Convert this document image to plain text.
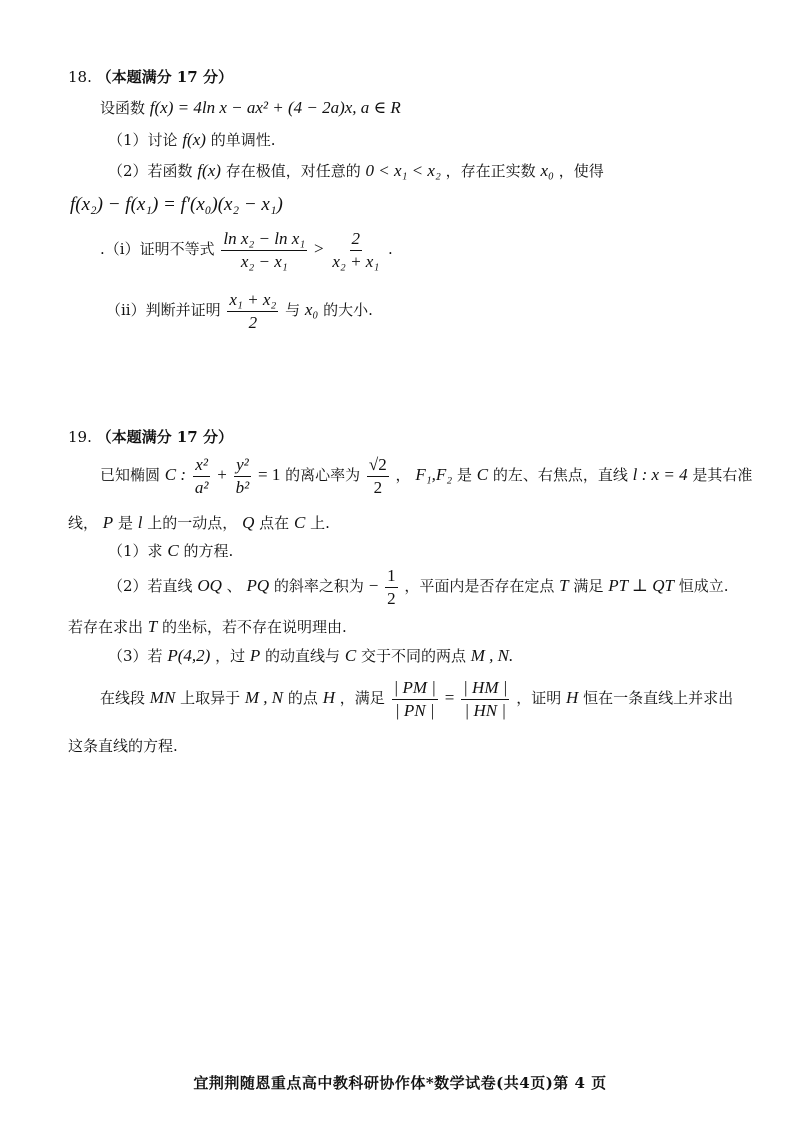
18. （本题满分 17 分）
设函数 f(x) = 4ln x − ax² + (4 − 2a)x, a ∈ R
（1）讨论 f(x) 的单调性.
（2）若函数 f(x) 存在极值，对任意的 0 < x₁ < x₂ ，存在正实数 x₀ ，使得
f(x₂) − f(x₁) = f′(x₀)(x₂ − x₁)
.（i）证明不等式 $\frac{\text{ln x₂ − ln x₁}}{\text{x₂ − x₁}} > \frac{2}{\text{x₂ + x₁}}$ .
（ii）判断并证明 $\frac{\text{x₁ + x₂}}{2}$ 与 x₀ 的大小.
19. （本题满分 17 分）
已知椭圆 C : $\frac{\text{x²}}{\text{a²}} + \frac{\text{y²}}{\text{b²}} = 1$ 的离心率为 $\frac{√2}{2}$ ， F₁,F₂ 是 C 的左、右焦点，直线 l : x = 4 是其右准
线， P 是 l 上的一动点， Q 点在 C 上.
（1）求 C 的方程.
（2）若直线 OQ 、 PQ 的斜率之积为 − $\frac{1}{2}$ ，平面内是否存在定点 T 满足 PT ⊥ QT 恒成立.
若存在求出 T 的坐标，若不存在说明理由.
（3）若 P(4,2) ，过 P 的动直线与 C 交于不同的两点 M , N.
在线段 MN 上取异于 M , N 的点 H ，满足 $\frac{| PM |}{| PN |} = \frac{| HM |}{| HN |}$ ，证明 H 恒在一条直线上并求出
这条直线的方程.
宜荆荆随恩重点高中教科研协作体*数学试卷(共4页)第 4 页
